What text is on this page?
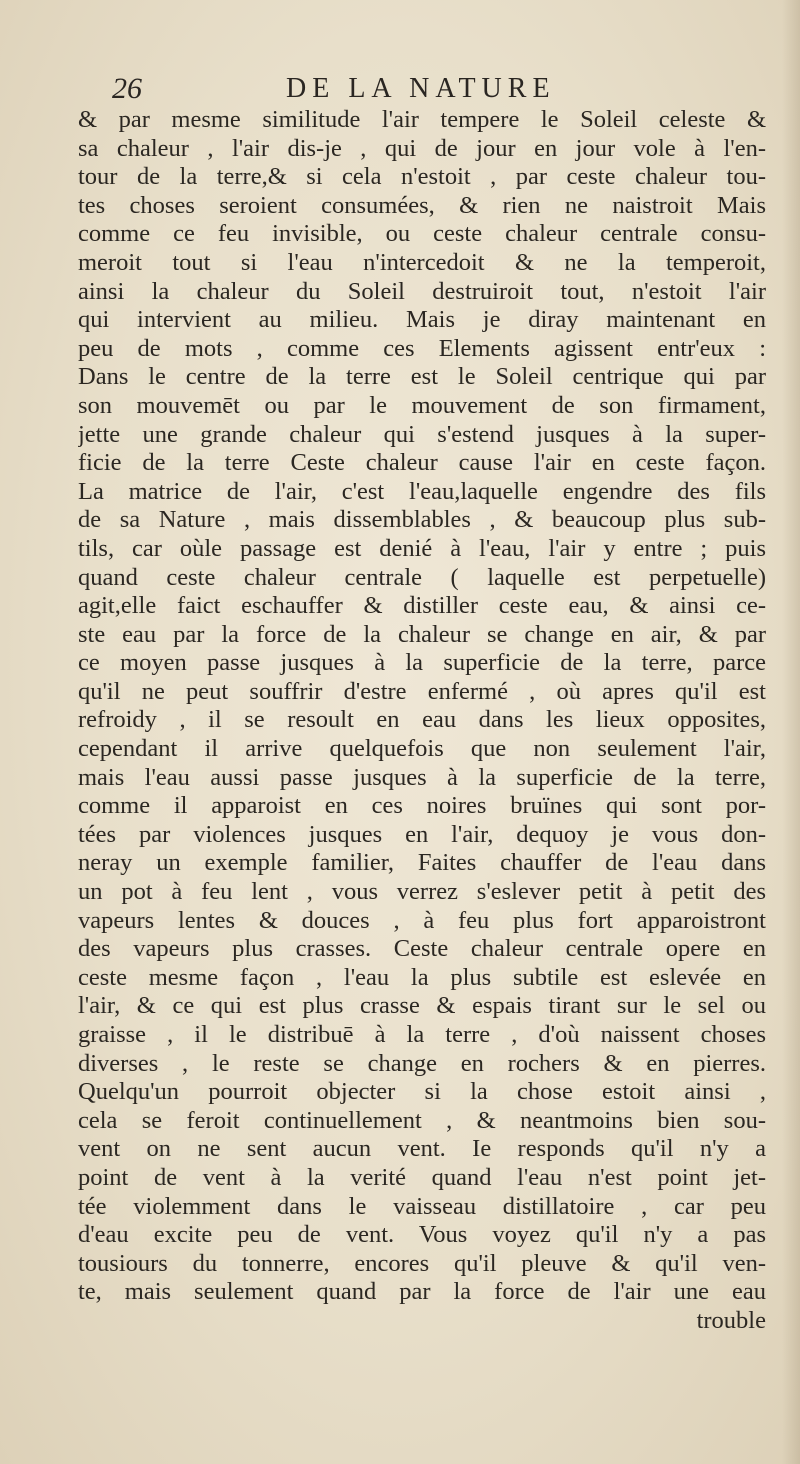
26	DE LA NATURE
& par mesme similitude l'air tempere le Soleil celeste &
sa chaleur , l'air dis-je , qui de jour en jour vole à l'en-
tour de la terre,& si cela n'estoit , par ceste chaleur tou-
tes choses seroient consumées, & rien ne naistroit Mais
comme ce feu invisible, ou ceste chaleur centrale consu-
meroit tout si l'eau n'intercedoit & ne la temperoit,
ainsi la chaleur du Soleil destruiroit tout, n'estoit l'air
qui intervient au milieu. Mais je diray maintenant en
peu de mots , comme ces Elements agissent entr'eux :
Dans le centre de la terre est le Soleil centrique qui par
son mouvemēt ou par le mouvement de son firmament,
jette une grande chaleur qui s'estend jusques à la super-
ficie de la terre Ceste chaleur cause l'air en ceste façon.
La matrice de l'air, c'est l'eau,laquelle engendre des fils
de sa Nature , mais dissemblables , & beaucoup plus sub-
tils, car oùle passage est denié à l'eau, l'air y entre ; puis
quand ceste chaleur centrale ( laquelle est perpetuelle)
agit,elle faict eschauffer & distiller ceste eau, & ainsi ce-
ste eau par la force de la chaleur se change en air, & par
ce moyen passe jusques à la superficie de la terre, parce
qu'il ne peut souffrir d'estre enfermé , où apres qu'il est
refroidy , il se resoult en eau dans les lieux opposites,
cependant il arrive quelquefois que non seulement l'air,
mais l'eau aussi passe jusques à la superficie de la terre,
comme il apparoist en ces noires bruïnes qui sont por-
tées par violences jusques en l'air, dequoy je vous don-
neray un exemple familier, Faites chauffer de l'eau dans
un pot à feu lent , vous verrez s'eslever petit à petit des
vapeurs lentes & douces , à feu plus fort apparoistront
des vapeurs plus crasses. Ceste chaleur centrale opere en
ceste mesme façon , l'eau la plus subtile est eslevée en
l'air, & ce qui est plus crasse & espais tirant sur le sel ou
graisse , il le distribuē à la terre , d'où naissent choses
diverses , le reste se change en rochers & en pierres.
Quelqu'un pourroit objecter si la chose estoit ainsi ,
cela se feroit continuellement , & neantmoins bien sou-
vent on ne sent aucun vent. Ie responds qu'il n'y a
point de vent à la verité quand l'eau n'est point jet-
tée violemment dans le vaisseau distillatoire , car peu
d'eau excite peu de vent. Vous voyez qu'il n'y a pas
tousiours du tonnerre, encores qu'il pleuve & qu'il ven-
te, mais seulement quand par la force de l'air une eau
trouble
